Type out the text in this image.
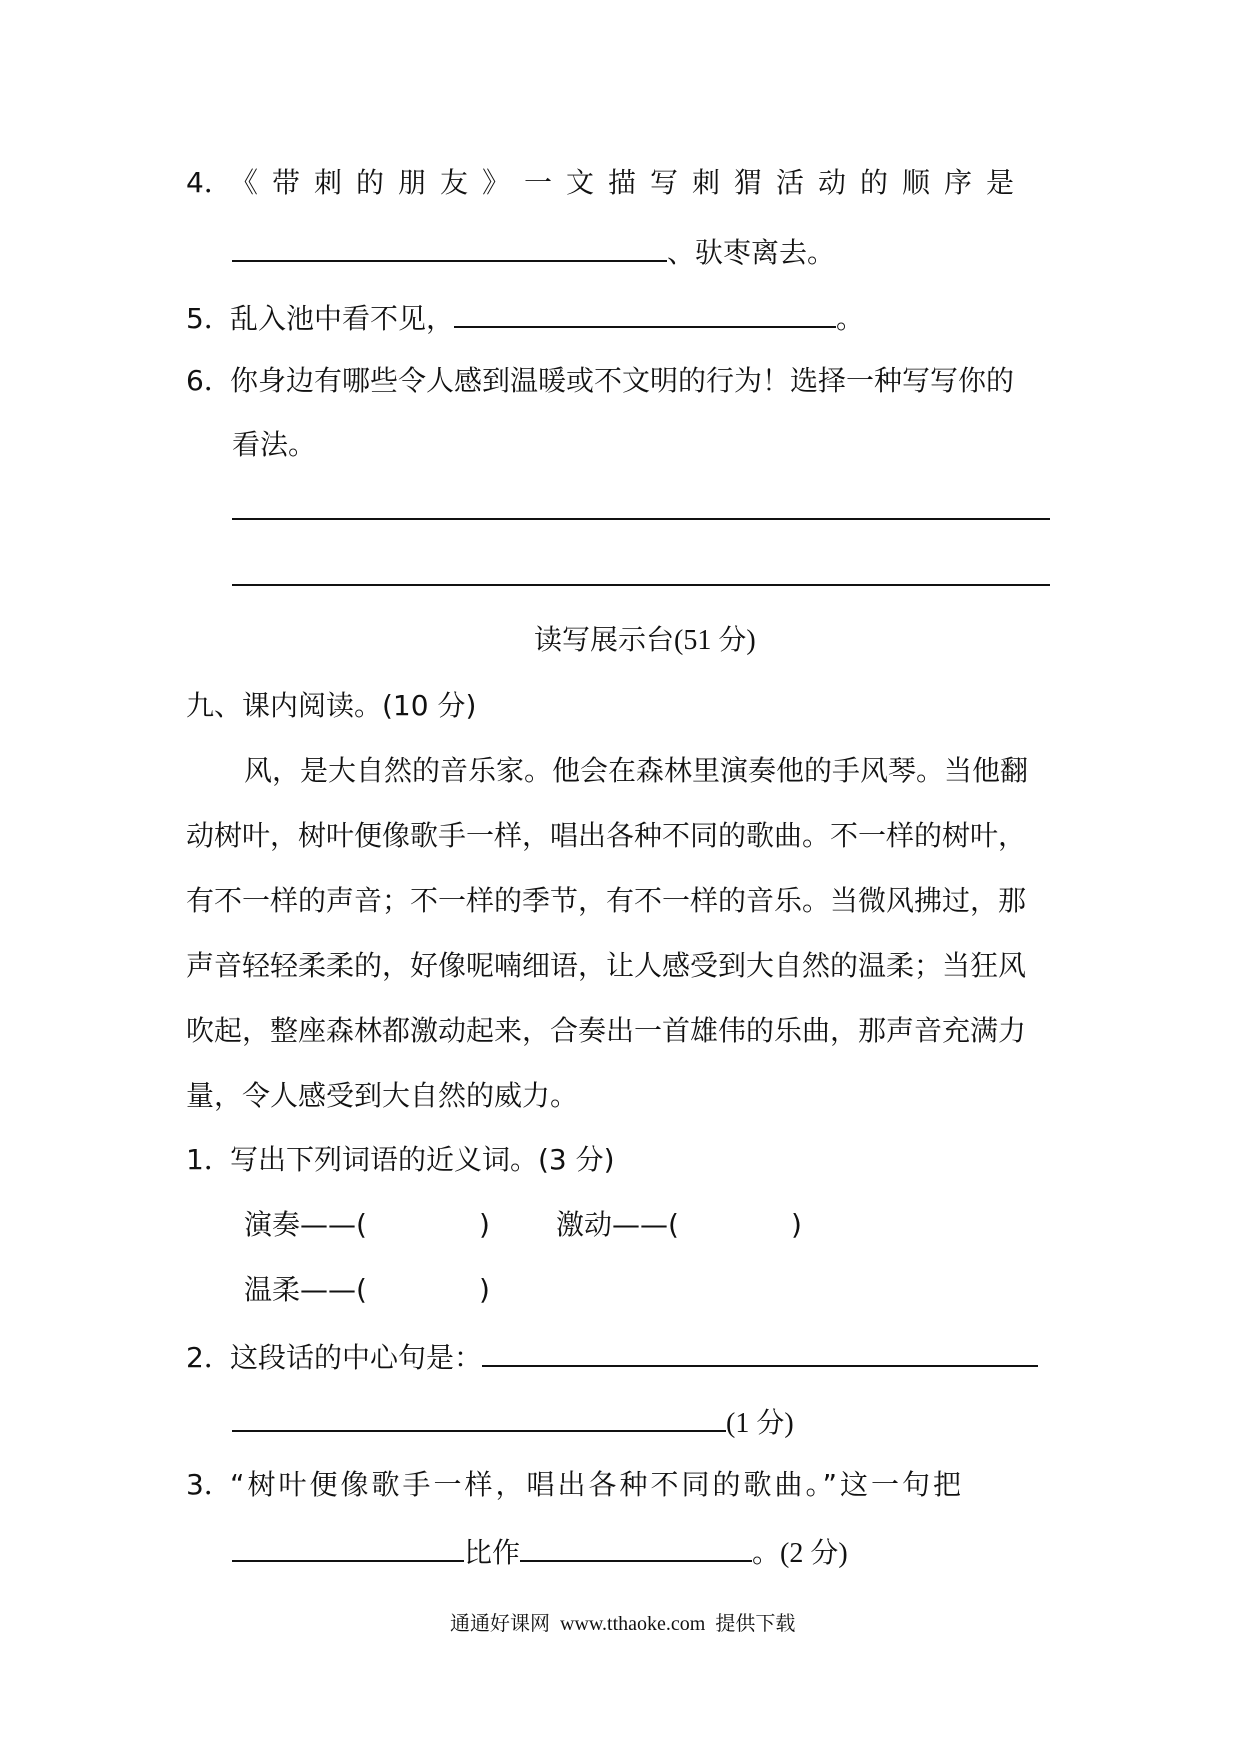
4．《带刺的朋友》一文描写刺猬活动的顺序是
、驮枣离去。
5．乱入池中看不见，	。
6．你身边有哪些令人感到温暖或不文明的行为！选择一种写写你的
看法。
读写展示台(51 分)
九、课内阅读。(10 分)
风，是大自然的音乐家。他会在森林里演奏他的手风琴。当他翻
动树叶，树叶便像歌手一样，唱出各种不同的歌曲。不一样的树叶，
有不一样的声音；不一样的季节，有不一样的音乐。当微风拂过，那
声音轻轻柔柔的，好像呢喃细语，让人感受到大自然的温柔；当狂风
吹起，整座森林都激动起来，合奏出一首雄伟的乐曲，那声音充满力
量，令人感受到大自然的威力。
1．写出下列词语的近义词。(3 分)
演奏——(	) 激动——(	)
温柔——(	)
2．这段话的中心句是：
(1 分)
3．“树叶便像歌手一样，唱出各种不同的歌曲。”这一句把
比作	。(2 分)
通通好课网  www.tthaoke.com  提供下载
